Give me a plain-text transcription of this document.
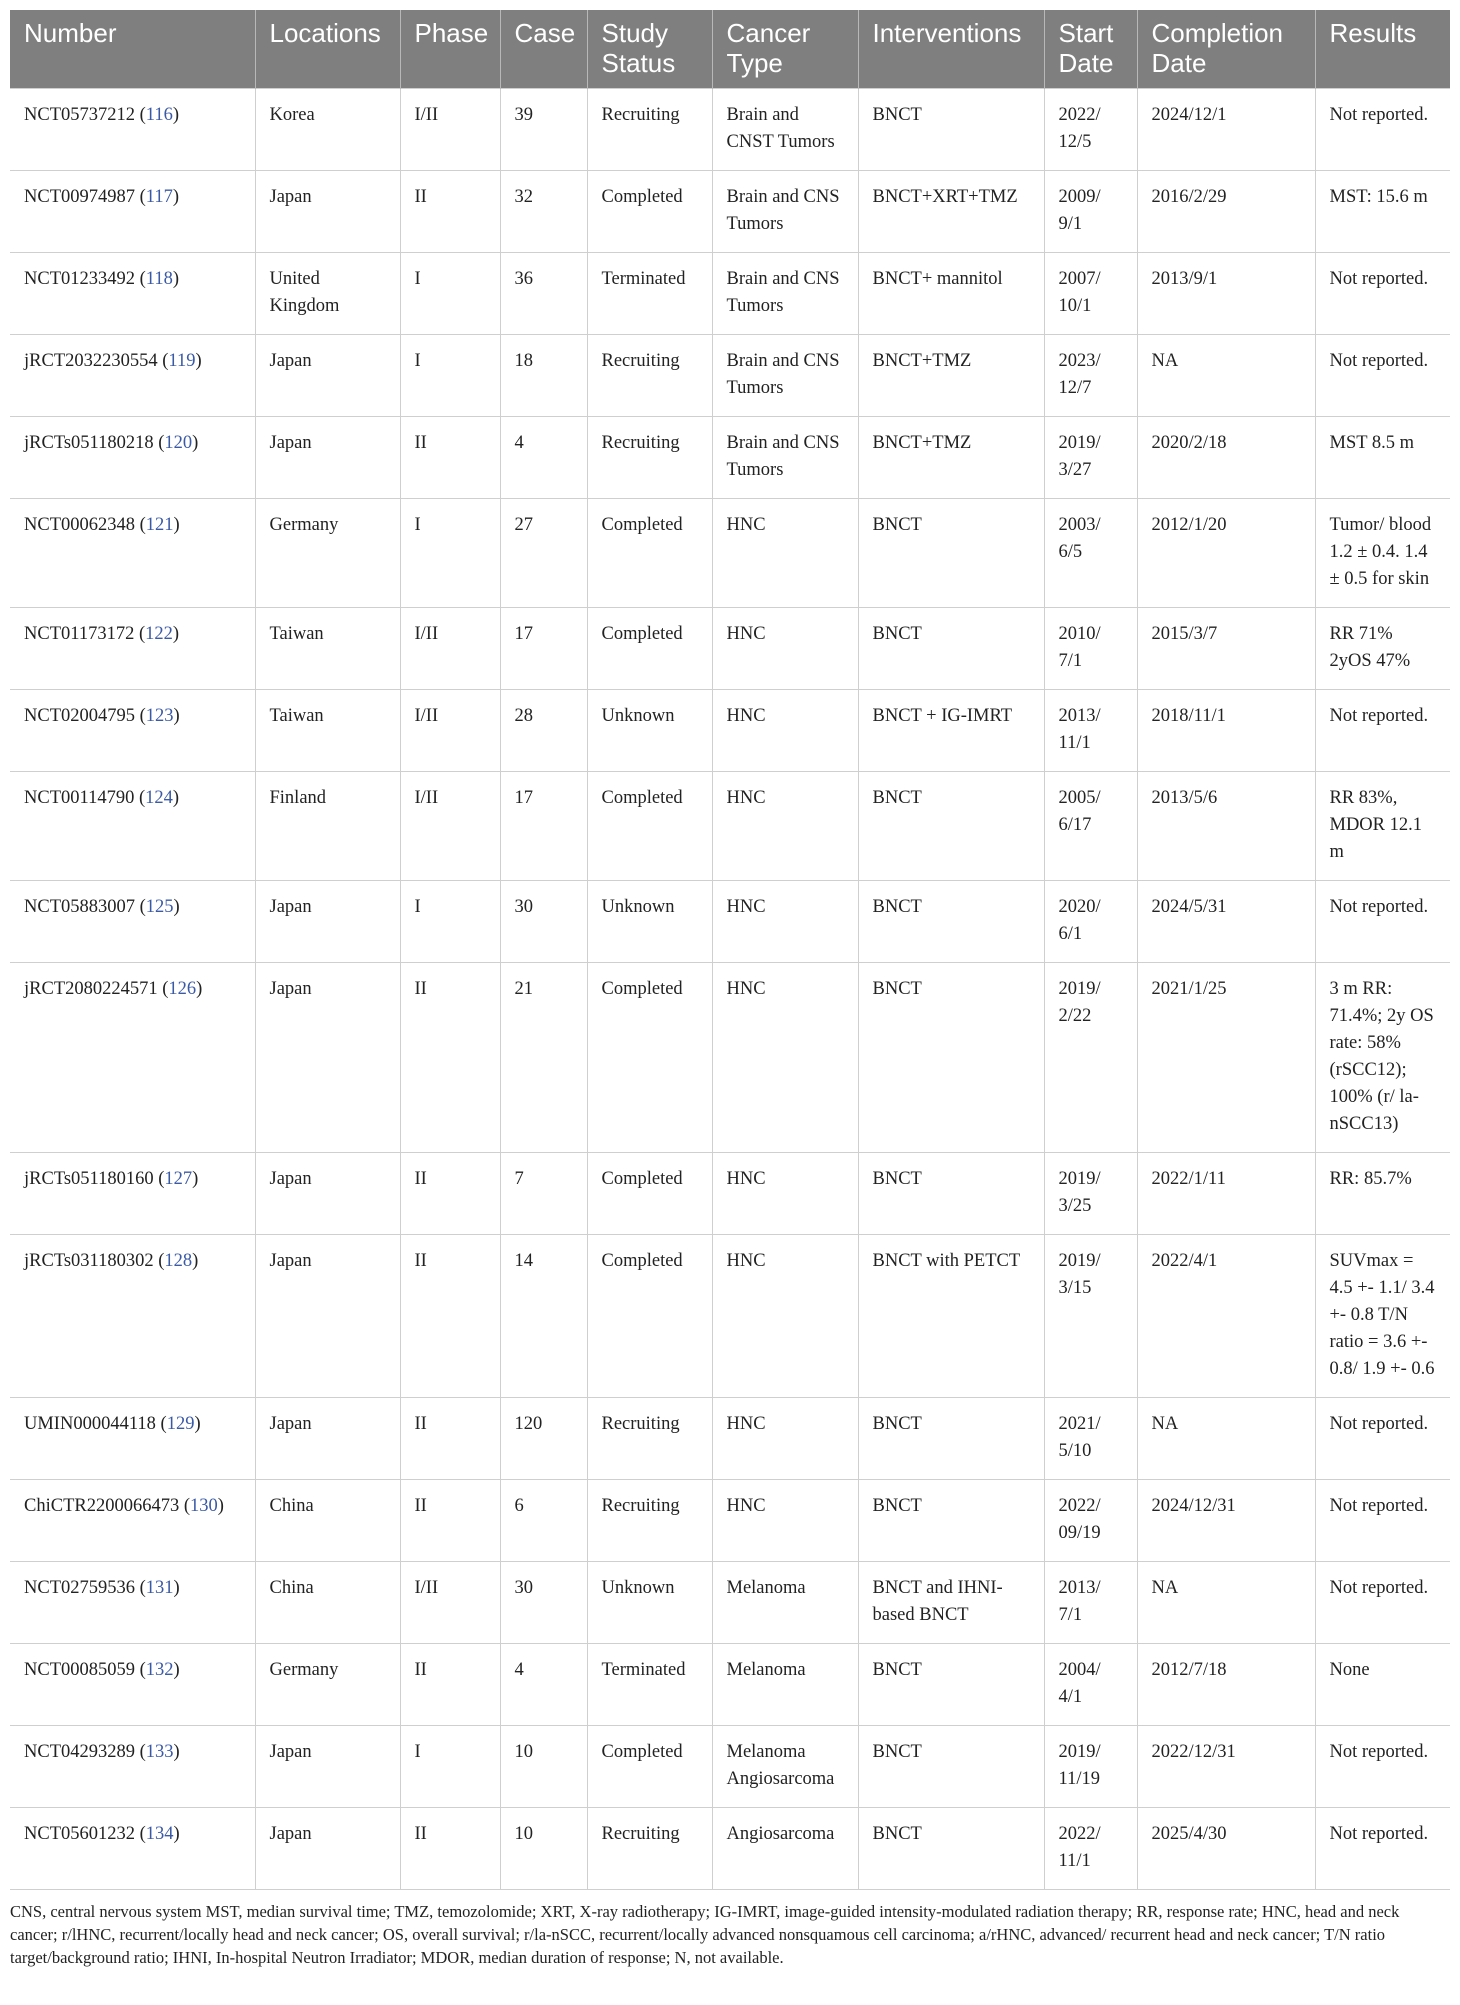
Number	Locations	Phase	Case	Study Status	Cancer Type	Interventions	Start Date	Completion Date	Results
NCT05737212 (116)	Korea	I/II	39	Recruiting	Brain and CNST Tumors	BNCT	2022/ 12/5	2024/12/1	Not reported.
NCT00974987 (117)	Japan	II	32	Completed	Brain and CNS Tumors	BNCT+XRT+TMZ	2009/ 9/1	2016/2/29	MST: 15.6 m
NCT01233492 (118)	United Kingdom	I	36	Terminated	Brain and CNS Tumors	BNCT+ mannitol	2007/ 10/1	2013/9/1	Not reported.
jRCT2032230554 (119)	Japan	I	18	Recruiting	Brain and CNS Tumors	BNCT+TMZ	2023/ 12/7	NA	Not reported.
jRCTs051180218 (120)	Japan	II	4	Recruiting	Brain and CNS Tumors	BNCT+TMZ	2019/ 3/27	2020/2/18	MST 8.5 m
NCT00062348 (121)	Germany	I	27	Completed	HNC	BNCT	2003/ 6/5	2012/1/20	Tumor/ blood 1.2 ± 0.4. 1.4 ± 0.5 for skin
NCT01173172 (122)	Taiwan	I/II	17	Completed	HNC	BNCT	2010/ 7/1	2015/3/7	RR 71% 2yOS 47%
NCT02004795 (123)	Taiwan	I/II	28	Unknown	HNC	BNCT + IG-IMRT	2013/ 11/1	2018/11/1	Not reported.
NCT00114790 (124)	Finland	I/II	17	Completed	HNC	BNCT	2005/ 6/17	2013/5/6	RR 83%, MDOR 12.1 m
NCT05883007 (125)	Japan	I	30	Unknown	HNC	BNCT	2020/ 6/1	2024/5/31	Not reported.
jRCT2080224571 (126)	Japan	II	21	Completed	HNC	BNCT	2019/ 2/22	2021/1/25	3 m RR: 71.4%; 2y OS rate: 58% (rSCC12); 100% (r/ la-nSCC13)
jRCTs051180160 (127)	Japan	II	7	Completed	HNC	BNCT	2019/ 3/25	2022/1/11	RR: 85.7%
jRCTs031180302 (128)	Japan	II	14	Completed	HNC	BNCT with PETCT	2019/ 3/15	2022/4/1	SUVmax = 4.5 +- 1.1/ 3.4 +- 0.8 T/N ratio = 3.6 +- 0.8/ 1.9 +- 0.6
UMIN000044118 (129)	Japan	II	120	Recruiting	HNC	BNCT	2021/ 5/10	NA	Not reported.
ChiCTR2200066473 (130)	China	II	6	Recruiting	HNC	BNCT	2022/ 09/19	2024/12/31	Not reported.
NCT02759536 (131)	China	I/II	30	Unknown	Melanoma	BNCT and IHNI-based BNCT	2013/ 7/1	NA	Not reported.
NCT00085059 (132)	Germany	II	4	Terminated	Melanoma	BNCT	2004/ 4/1	2012/7/18	None
NCT04293289 (133)	Japan	I	10	Completed	Melanoma Angiosarcoma	BNCT	2019/ 11/19	2022/12/31	Not reported.
NCT05601232 (134)	Japan	II	10	Recruiting	Angiosarcoma	BNCT	2022/ 11/1	2025/4/30	Not reported.
CNS, central nervous system MST, median survival time; TMZ, temozolomide; XRT, X-ray radiotherapy; IG-IMRT, image-guided intensity-modulated radiation therapy; RR, response rate; HNC, head and neck cancer; r/lHNC, recurrent/locally head and neck cancer; OS, overall survival; r/la-nSCC, recurrent/locally advanced nonsquamous cell carcinoma; a/rHNC, advanced/ recurrent head and neck cancer; T/N ratio target/background ratio; IHNI, In-hospital Neutron Irradiator; MDOR, median duration of response; N, not available.
